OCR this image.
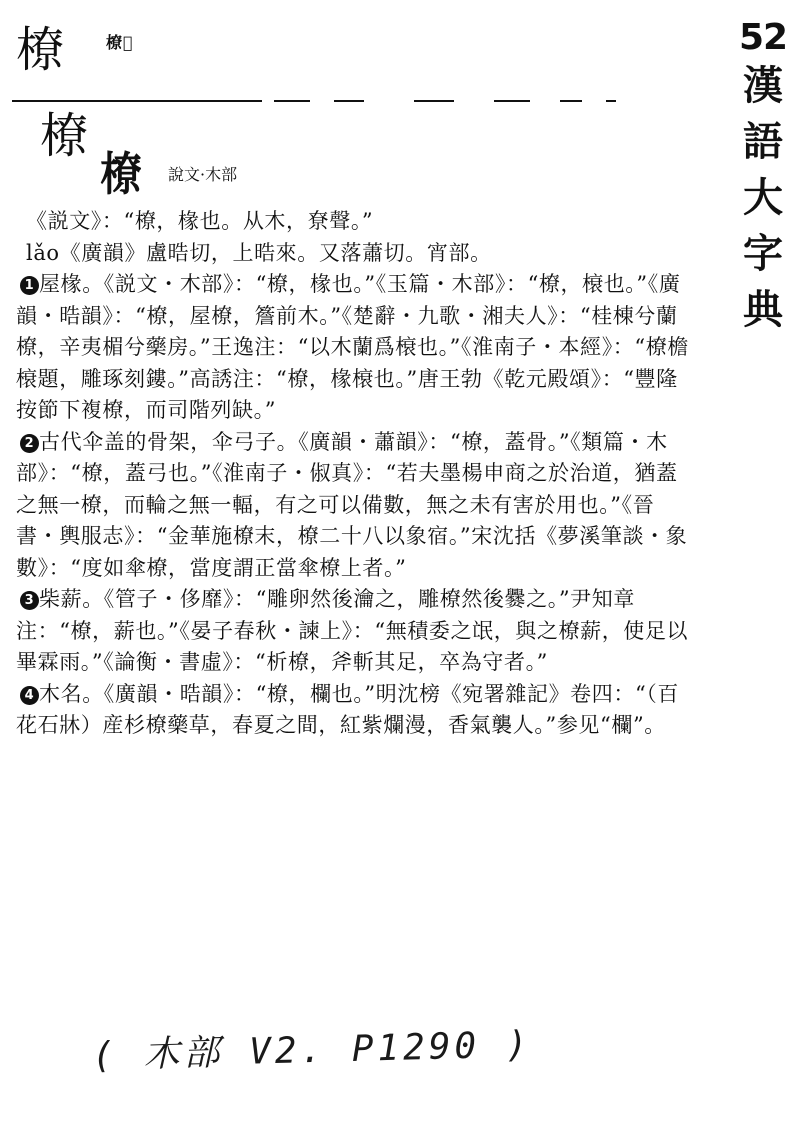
橑	橑𣟪
橑
橑 說文·木部
52
漢
語
大
字
典

《説文》：“橑，椽也。从木，尞聲。”

lǎo《廣韻》盧晧切，上晧來。又落蕭切。宵部。

1 屋椽。《説文・木部》：“橑，椽也。”《玉篇・木部》：“橑，榱也。”《廣韻・晧韻》：“橑，屋橑，簷前木。”《楚辭・九歌・湘夫人》：“桂棟兮蘭橑，辛夷楣兮藥房。”王逸注：“以木蘭爲榱也。”《淮南子・本經》：“橑檐榱題，雕琢刻鏤。”高誘注：“橑，椽榱也。”唐王勃《乾元殿頌》：“豐隆按節下複橑，而司階列缺。”

2 古代伞盖的骨架，伞弓子。《廣韻・蕭韻》：“橑，蓋骨。”《類篇・木部》：“橑，蓋弓也。”《淮南子・俶真》：“若夫墨楊申商之於治道，猶蓋之無一橑，而輪之無一輻，有之可以備數，無之未有害於用也。”《晉書・輿服志》：“金華施橑末，橑二十八以象宿。”宋沈括《夢溪筆談・象數》：“度如傘橑，當度謂正當傘橑上者。”

3 柴薪。《管子・侈靡》：“雕卵然後瀹之，雕橑然後爨之。”尹知章注：“橑，薪也。”《晏子春秋・諫上》：“無積委之氓，與之橑薪，使足以畢霖雨。”《論衡・書虛》：“析橑，斧斬其足，卒為守者。”

4 木名。《廣韻・晧韻》：“橑，欄也。”明沈榜《宛署雜記》卷四：“（百花石牀）産杉橑藥草，春夏之間，紅紫爛漫，香氣襲人。”参见“欄”。

( 木部 V2. P1290 )
